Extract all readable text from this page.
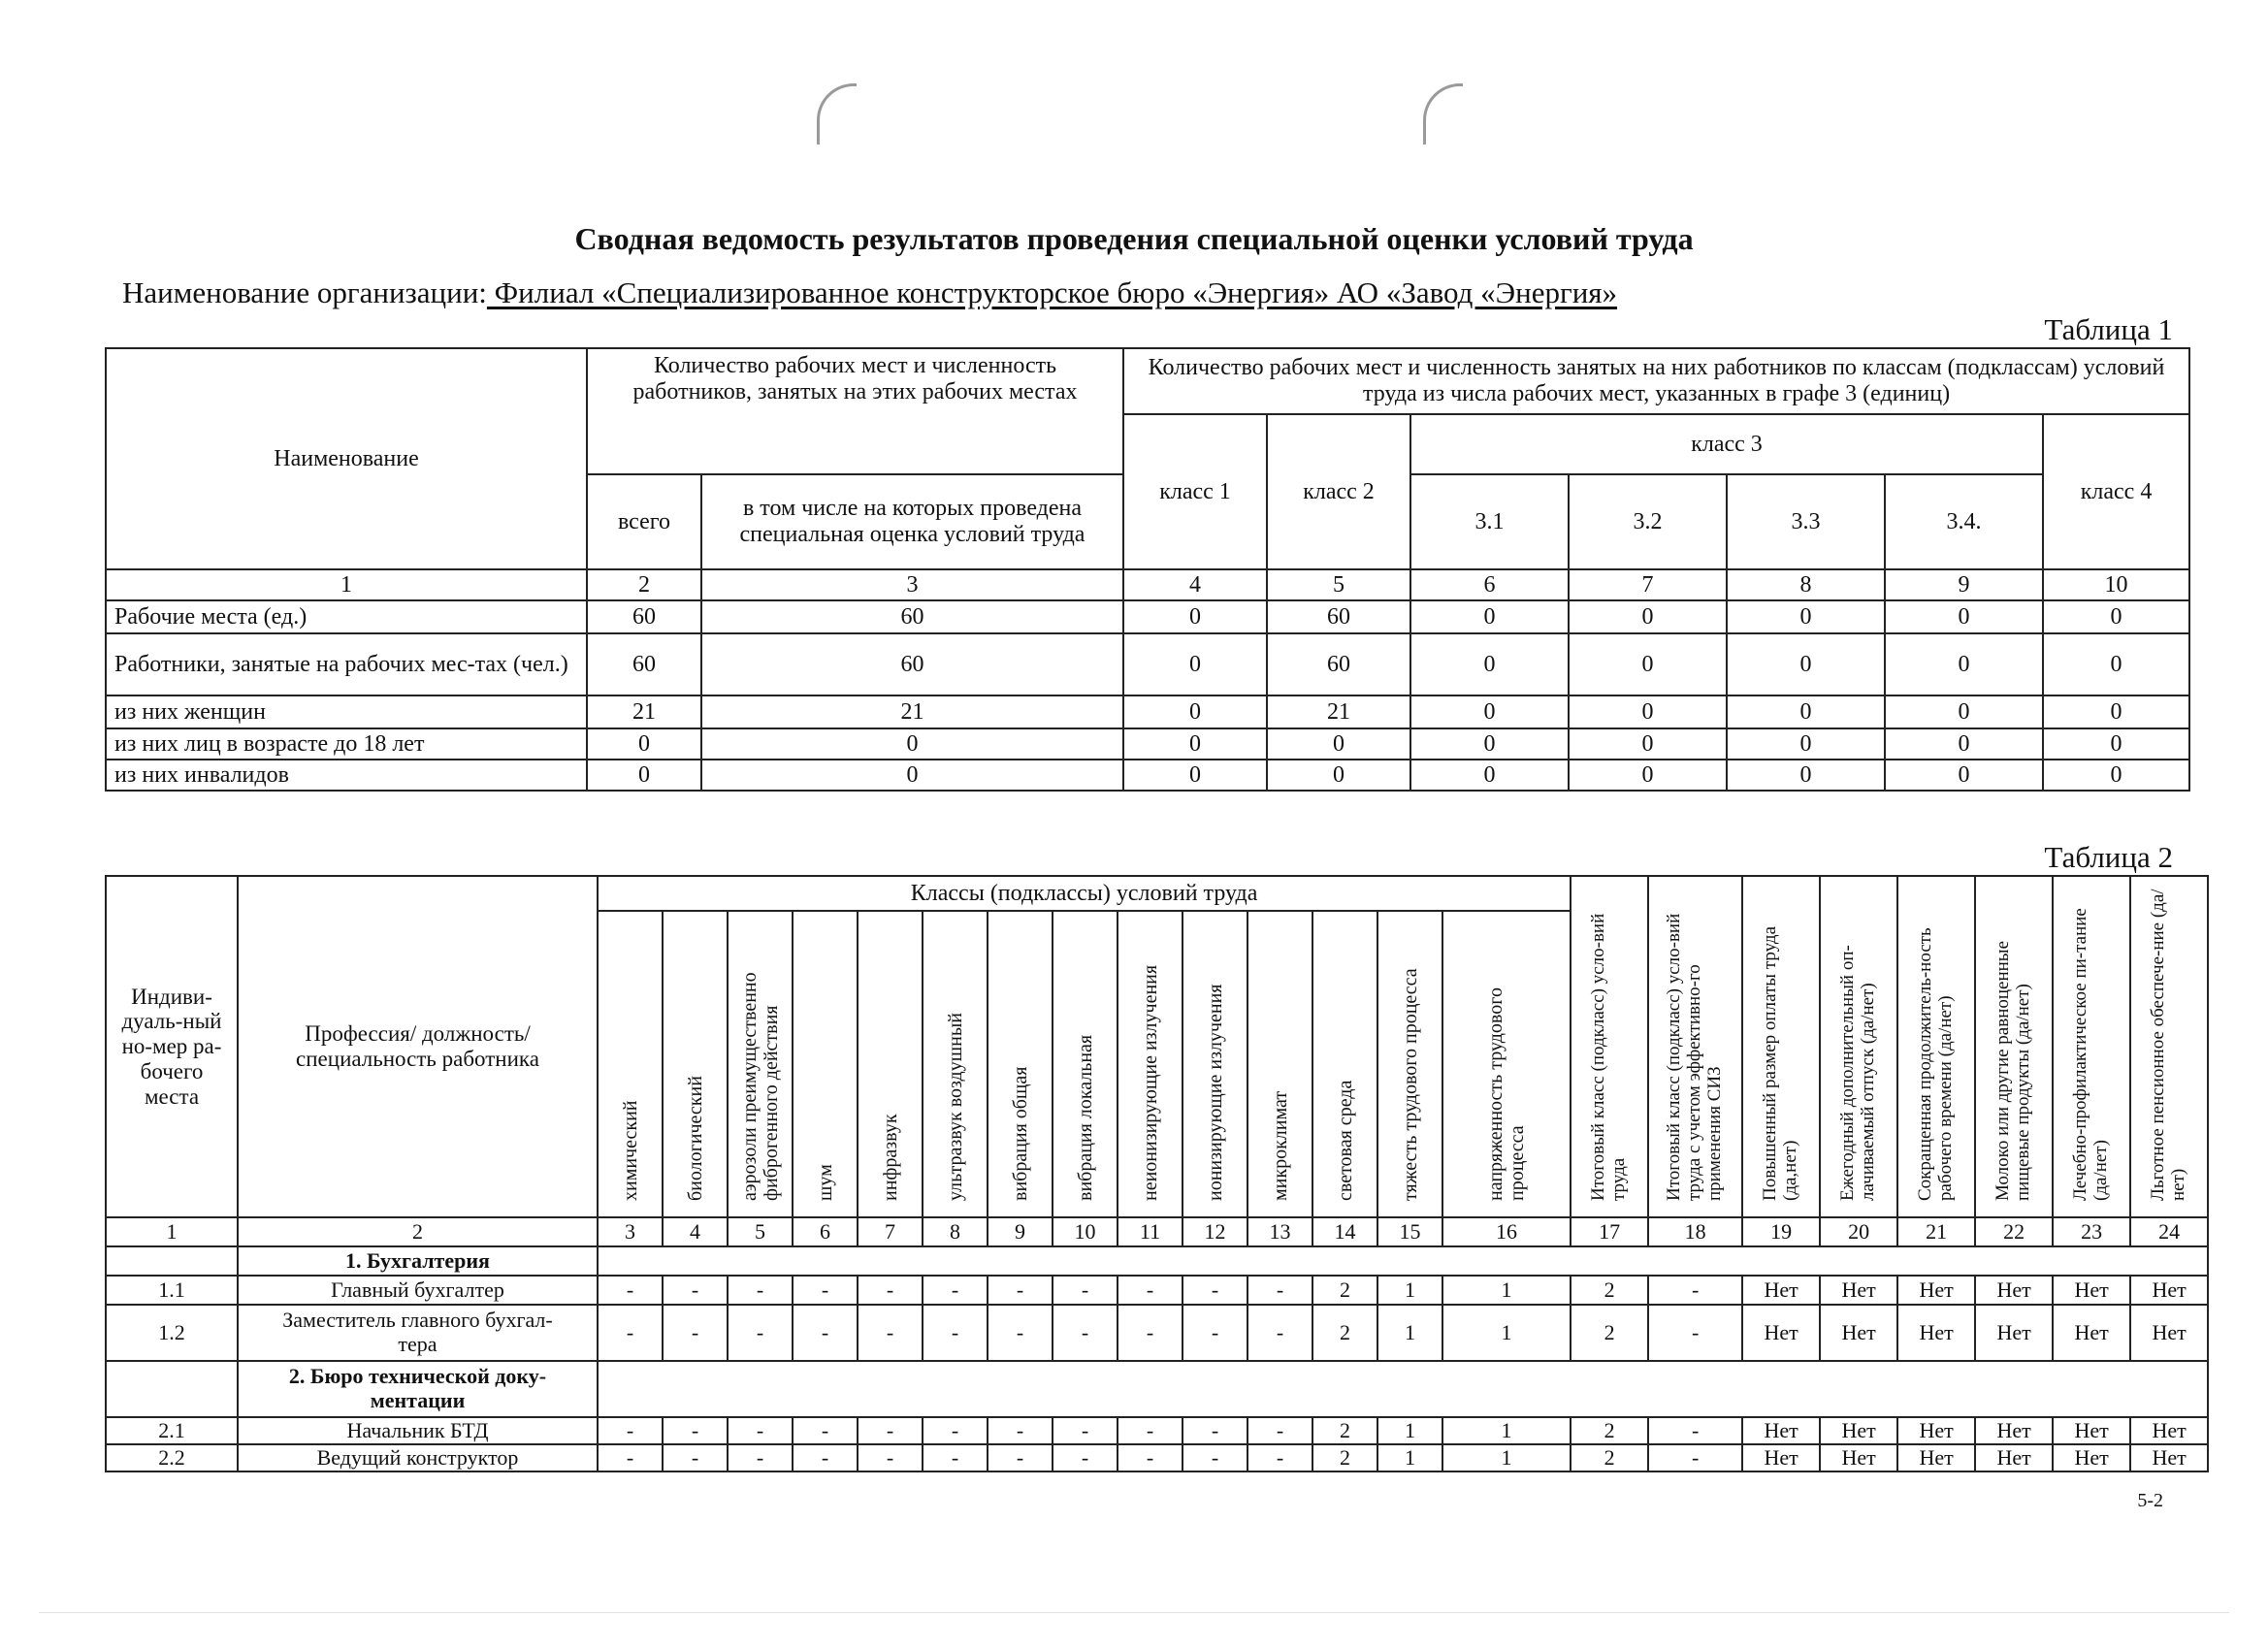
Сводная ведомость результатов проведения специальной оценки условий труда
Наименование организации: Филиал «Специализированное конструкторское бюро «Энергия» АО «Завод «Энергия»
Таблица 1
Наименование	Количество рабочих мест и численность работников, занятых на этих рабочих местах		Количество рабочих мест и численность занятых на них работников по классам (подклассам) условий труда из числа рабочих мест, указанных в графе 3 (единиц)						
			класс 1	класс 2	класс 3				класс 4
	всего	в том числе на которых проведена специальная оценка условий труда			3.1	3.2	3.3	3.4.	
1	2	3	4	5	6	7	8	9	10
Рабочие места (ед.)	60	60	0	60	0	0	0	0	0
Работники, занятые на рабочих мес-тах (чел.)	60	60	0	60	0	0	0	0	0
из них женщин	21	21	0	21	0	0	0	0	0
из них лиц в возрасте до 18 лет	0	0	0	0	0	0	0	0	0
из них инвалидов	0	0	0	0	0	0	0	0	0
Таблица 2
Индиви-дуаль-ный но-мер ра-бочего места	Профессия/ должность/ специальность работника	Классы (подклассы) условий труда														Итоговый класс (подкласс) усло-вий труда	Итоговый класс (подкласс) усло-вий труда с учетом эффективно-го применения СИЗ	Повышенный размер оплаты труда (да,нет)	Ежегодный дополнительный оп-лачиваемый отпуск (да/нет)	Сокращенная продолжитель-ность рабочего времени (да/нет)	Молоко или другие равноценные пищевые продукты (да/нет)	Лечебно-профилактическое пи-тание (да/нет)	Льготное пенсионное обеспече-ние (да/нет)
		химический	биологический	аэрозоли преимущественно фиброгенного действия	шум	инфразвук	ультразвук воздушный	вибрация общая	вибрация локальная	неионизирующие излучения	ионизирующие излучения	микроклимат	световая среда	тяжесть трудового процесса	напряженность трудового процесса								
1	2	3	4	5	6	7	8	9	10	11	12	13	14	15	16	17	18	19	20	21	22	23	24
	1. Бухгалтерия																						
1.1	Главный бухгалтер	-	-	-	-	-	-	-	-	-	-	-	2	1	1	2	-	Нет	Нет	Нет	Нет	Нет	Нет
1.2	Заместитель главного бухгал-тера	-	-	-	-	-	-	-	-	-	-	-	2	1	1	2	-	Нет	Нет	Нет	Нет	Нет	Нет
	2. Бюро технической доку-ментации																						
2.1	Начальник БТД	-	-	-	-	-	-	-	-	-	-	-	2	1	1	2	-	Нет	Нет	Нет	Нет	Нет	Нет
2.2	Ведущий конструктор	-	-	-	-	-	-	-	-	-	-	-	2	1	1	2	-	Нет	Нет	Нет	Нет	Нет	Нет
5-2
